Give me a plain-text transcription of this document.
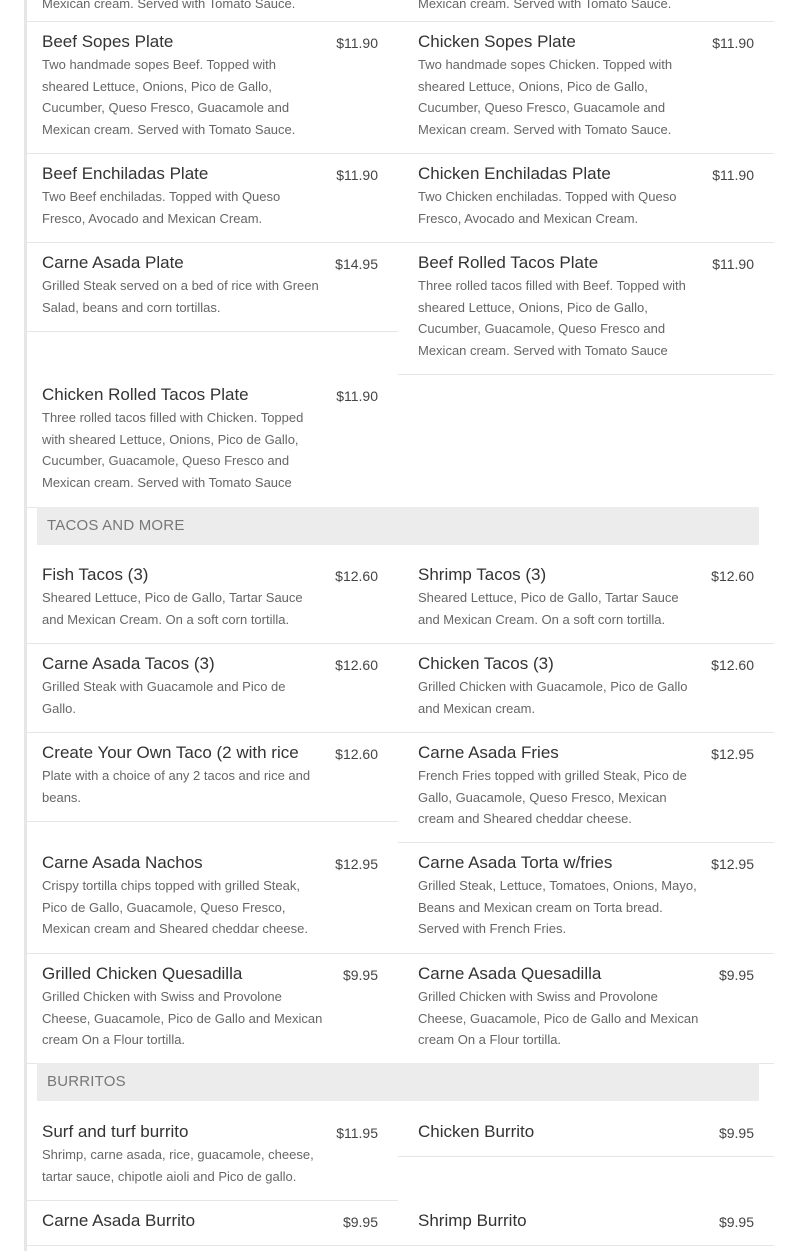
Mexican cream. Served with Tomato Sauce.	Mexican cream. Served with Tomato Sauce.
Beef Sopes Plate	$11.90
Two handmade sopes Beef. Topped with sheared Lettuce, Onions, Pico de Gallo, Cucumber, Queso Fresco, Guacamole and Mexican cream. Served with Tomato Sauce.
Chicken Sopes Plate	$11.90
Two handmade sopes Chicken. Topped with sheared Lettuce, Onions, Pico de Gallo, Cucumber, Queso Fresco, Guacamole and Mexican cream. Served with Tomato Sauce.
Beef Enchiladas Plate	$11.90
Two Beef enchiladas. Topped with Queso Fresco, Avocado and Mexican Cream.
Chicken Enchiladas Plate	$11.90
Two Chicken enchiladas. Topped with Queso Fresco, Avocado and Mexican Cream.
Carne Asada Plate	$14.95
Grilled Steak served on a bed of rice with Green Salad, beans and corn tortillas.
Beef Rolled Tacos Plate	$11.90
Three rolled tacos filled with Beef. Topped with sheared Lettuce, Onions, Pico de Gallo, Cucumber, Guacamole, Queso Fresco and Mexican cream. Served with Tomato Sauce
Chicken Rolled Tacos Plate	$11.90
Three rolled tacos filled with Chicken. Topped with sheared Lettuce, Onions, Pico de Gallo, Cucumber, Guacamole, Queso Fresco and Mexican cream. Served with Tomato Sauce
TACOS AND MORE
Fish Tacos (3)	$12.60
Sheared Lettuce, Pico de Gallo, Tartar Sauce and Mexican Cream. On a soft corn tortilla.
Shrimp Tacos (3)	$12.60
Sheared Lettuce, Pico de Gallo, Tartar Sauce and Mexican Cream. On a soft corn tortilla.
Carne Asada Tacos (3)	$12.60
Grilled Steak with Guacamole and Pico de Gallo.
Chicken Tacos (3)	$12.60
Grilled Chicken with Guacamole, Pico de Gallo and Mexican cream.
Create Your Own Taco (2 with rice	$12.60
Plate with a choice of any 2 tacos and rice and beans.
Carne Asada Fries	$12.95
French Fries topped with grilled Steak, Pico de Gallo, Guacamole, Queso Fresco, Mexican cream and Sheared cheddar cheese.
Carne Asada Nachos	$12.95
Crispy tortilla chips topped with grilled Steak, Pico de Gallo, Guacamole, Queso Fresco, Mexican cream and Sheared cheddar cheese.
Carne Asada Torta w/fries	$12.95
Grilled Steak, Lettuce, Tomatoes, Onions, Mayo, Beans and Mexican cream on Torta bread. Served with French Fries.
Grilled Chicken Quesadilla	$9.95
Grilled Chicken with Swiss and Provolone Cheese, Guacamole, Pico de Gallo and Mexican cream On a Flour tortilla.
Carne Asada Quesadilla	$9.95
Grilled Chicken with Swiss and Provolone Cheese, Guacamole, Pico de Gallo and Mexican cream On a Flour tortilla.
BURRITOS
Surf and turf burrito	$11.95
Shrimp, carne asada, rice, guacamole, cheese, tartar sauce, chipotle aioli and Pico de gallo.
Chicken Burrito	$9.95
Carne Asada Burrito	$9.95 Shrimp Burrito	$9.95
